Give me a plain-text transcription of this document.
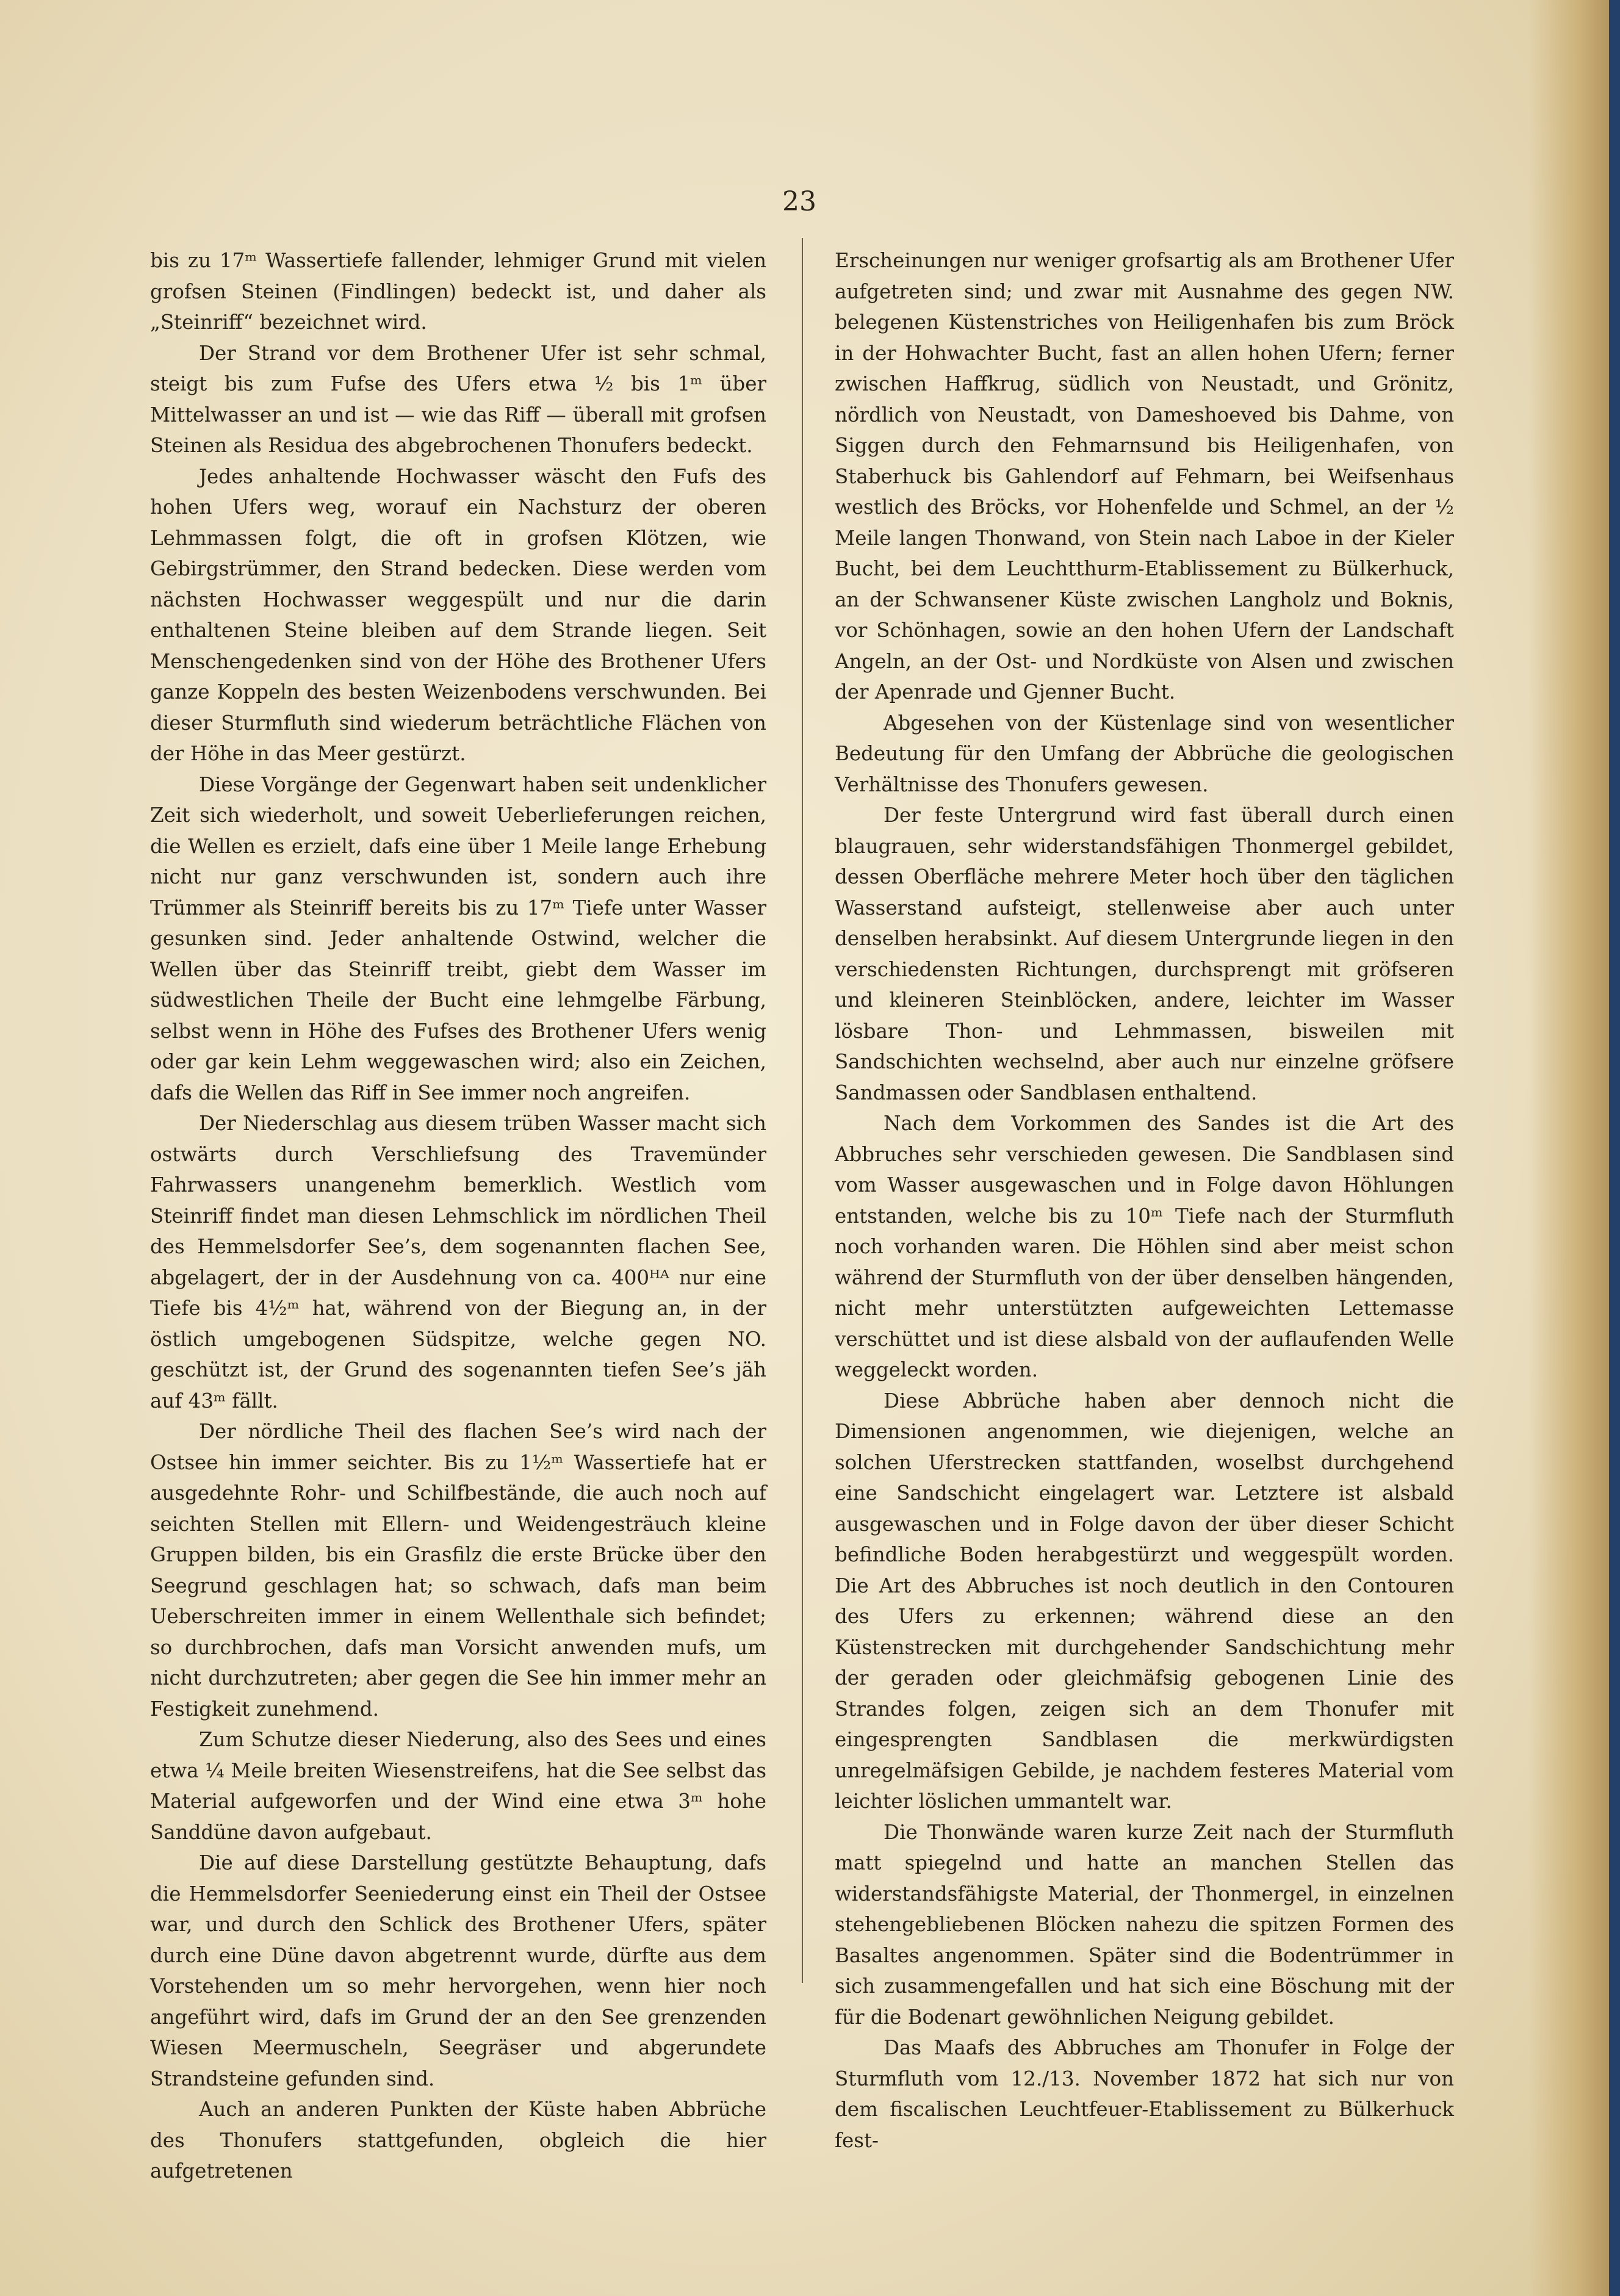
23

bis zu 17ᵐ Wassertiefe fallender, lehmiger Grund mit vielen grofsen Steinen (Findlingen) bedeckt ist, und daher als „Steinriff“ bezeichnet wird.

Der Strand vor dem Brothener Ufer ist sehr schmal, steigt bis zum Fufse des Ufers etwa ½ bis 1ᵐ über Mittelwasser an und ist — wie das Riff — überall mit grofsen Steinen als Residua des abgebrochenen Thonufers bedeckt.

Jedes anhaltende Hochwasser wäscht den Fufs des hohen Ufers weg, worauf ein Nachsturz der oberen Lehmmassen folgt, die oft in grofsen Klötzen, wie Gebirgstrümmer, den Strand bedecken. Diese werden vom nächsten Hochwasser weggespült und nur die darin enthaltenen Steine bleiben auf dem Strande liegen. Seit Menschengedenken sind von der Höhe des Brothener Ufers ganze Koppeln des besten Weizenbodens verschwunden. Bei dieser Sturmfluth sind wiederum beträchtliche Flächen von der Höhe in das Meer gestürzt.

Diese Vorgänge der Gegenwart haben seit undenklicher Zeit sich wiederholt, und soweit Ueberlieferungen reichen, die Wellen es erzielt, dafs eine über 1 Meile lange Erhebung nicht nur ganz verschwunden ist, sondern auch ihre Trümmer als Steinriff bereits bis zu 17ᵐ Tiefe unter Wasser gesunken sind. Jeder anhaltende Ostwind, welcher die Wellen über das Steinriff treibt, giebt dem Wasser im südwestlichen Theile der Bucht eine lehmgelbe Färbung, selbst wenn in Höhe des Fufses des Brothener Ufers wenig oder gar kein Lehm weggewaschen wird; also ein Zeichen, dafs die Wellen das Riff in See immer noch angreifen.

Der Niederschlag aus diesem trüben Wasser macht sich ostwärts durch Verschliefsung des Travemünder Fahrwassers unangenehm bemerklich. Westlich vom Steinriff findet man diesen Lehmschlick im nördlichen Theil des Hemmelsdorfer See’s, dem sogenannten flachen See, abgelagert, der in der Ausdehnung von ca. 400ᴴᴬ nur eine Tiefe bis 4½ᵐ hat, während von der Biegung an, in der östlich umgebogenen Südspitze, welche gegen NO. geschützt ist, der Grund des sogenannten tiefen See’s jäh auf 43ᵐ fällt.

Der nördliche Theil des flachen See’s wird nach der Ostsee hin immer seichter. Bis zu 1½ᵐ Wassertiefe hat er ausgedehnte Rohr- und Schilfbestände, die auch noch auf seichten Stellen mit Ellern- und Weidengesträuch kleine Gruppen bilden, bis ein Grasfilz die erste Brücke über den Seegrund geschlagen hat; so schwach, dafs man beim Ueberschreiten immer in einem Wellenthale sich befindet; so durchbrochen, dafs man Vorsicht anwenden mufs, um nicht durchzutreten; aber gegen die See hin immer mehr an Festigkeit zunehmend.

Zum Schutze dieser Niederung, also des Sees und eines etwa ¼ Meile breiten Wiesenstreifens, hat die See selbst das Material aufgeworfen und der Wind eine etwa 3ᵐ hohe Sanddüne davon aufgebaut.

Die auf diese Darstellung gestützte Behauptung, dafs die Hemmelsdorfer Seeniederung einst ein Theil der Ostsee war, und durch den Schlick des Brothener Ufers, später durch eine Düne davon abgetrennt wurde, dürfte aus dem Vorstehenden um so mehr hervorgehen, wenn hier noch angeführt wird, dafs im Grund der an den See grenzenden Wiesen Meermuscheln, Seegräser und abgerundete Strandsteine gefunden sind.

Auch an anderen Punkten der Küste haben Abbrüche des Thonufers stattgefunden, obgleich die hier aufgetretenen

Erscheinungen nur weniger grofsartig als am Brothener Ufer aufgetreten sind; und zwar mit Ausnahme des gegen NW. belegenen Küstenstriches von Heiligenhafen bis zum Bröck in der Hohwachter Bucht, fast an allen hohen Ufern; ferner zwischen Haffkrug, südlich von Neustadt, und Grönitz, nördlich von Neustadt, von Dameshoeved bis Dahme, von Siggen durch den Fehmarnsund bis Heiligenhafen, von Staberhuck bis Gahlendorf auf Fehmarn, bei Weifsenhaus westlich des Bröcks, vor Hohenfelde und Schmel, an der ½ Meile langen Thonwand, von Stein nach Laboe in der Kieler Bucht, bei dem Leuchtthurm-Etablissement zu Bülkerhuck, an der Schwansener Küste zwischen Langholz und Boknis, vor Schönhagen, sowie an den hohen Ufern der Landschaft Angeln, an der Ost- und Nordküste von Alsen und zwischen der Apenrade und Gjenner Bucht.

Abgesehen von der Küstenlage sind von wesentlicher Bedeutung für den Umfang der Abbrüche die geologischen Verhältnisse des Thonufers gewesen.

Der feste Untergrund wird fast überall durch einen blaugrauen, sehr widerstandsfähigen Thonmergel gebildet, dessen Oberfläche mehrere Meter hoch über den täglichen Wasserstand aufsteigt, stellenweise aber auch unter denselben herabsinkt. Auf diesem Untergrunde liegen in den verschiedensten Richtungen, durchsprengt mit gröfseren und kleineren Steinblöcken, andere, leichter im Wasser lösbare Thon- und Lehmmassen, bisweilen mit Sandschichten wechselnd, aber auch nur einzelne gröfsere Sandmassen oder Sandblasen enthaltend.

Nach dem Vorkommen des Sandes ist die Art des Abbruches sehr verschieden gewesen. Die Sandblasen sind vom Wasser ausgewaschen und in Folge davon Höhlungen entstanden, welche bis zu 10ᵐ Tiefe nach der Sturmfluth noch vorhanden waren. Die Höhlen sind aber meist schon während der Sturmfluth von der über denselben hängenden, nicht mehr unterstützten aufgeweichten Lettemasse verschüttet und ist diese alsbald von der auflaufenden Welle weggeleckt worden.

Diese Abbrüche haben aber dennoch nicht die Dimensionen angenommen, wie diejenigen, welche an solchen Uferstrecken stattfanden, woselbst durchgehend eine Sandschicht eingelagert war. Letztere ist alsbald ausgewaschen und in Folge davon der über dieser Schicht befindliche Boden herabgestürzt und weggespült worden. Die Art des Abbruches ist noch deutlich in den Contouren des Ufers zu erkennen; während diese an den Küstenstrecken mit durchgehender Sandschichtung mehr der geraden oder gleichmäfsig gebogenen Linie des Strandes folgen, zeigen sich an dem Thonufer mit eingesprengten Sandblasen die merkwürdigsten unregelmäfsigen Gebilde, je nachdem festeres Material vom leichter löslichen ummantelt war.

Die Thonwände waren kurze Zeit nach der Sturmfluth matt spiegelnd und hatte an manchen Stellen das widerstandsfähigste Material, der Thonmergel, in einzelnen stehengebliebenen Blöcken nahezu die spitzen Formen des Basaltes angenommen. Später sind die Bodentrümmer in sich zusammengefallen und hat sich eine Böschung mit der für die Bodenart gewöhnlichen Neigung gebildet.

Das Maafs des Abbruches am Thonufer in Folge der Sturmfluth vom 12./13. November 1872 hat sich nur von dem fiscalischen Leuchtfeuer-Etablissement zu Bülkerhuck fest-
